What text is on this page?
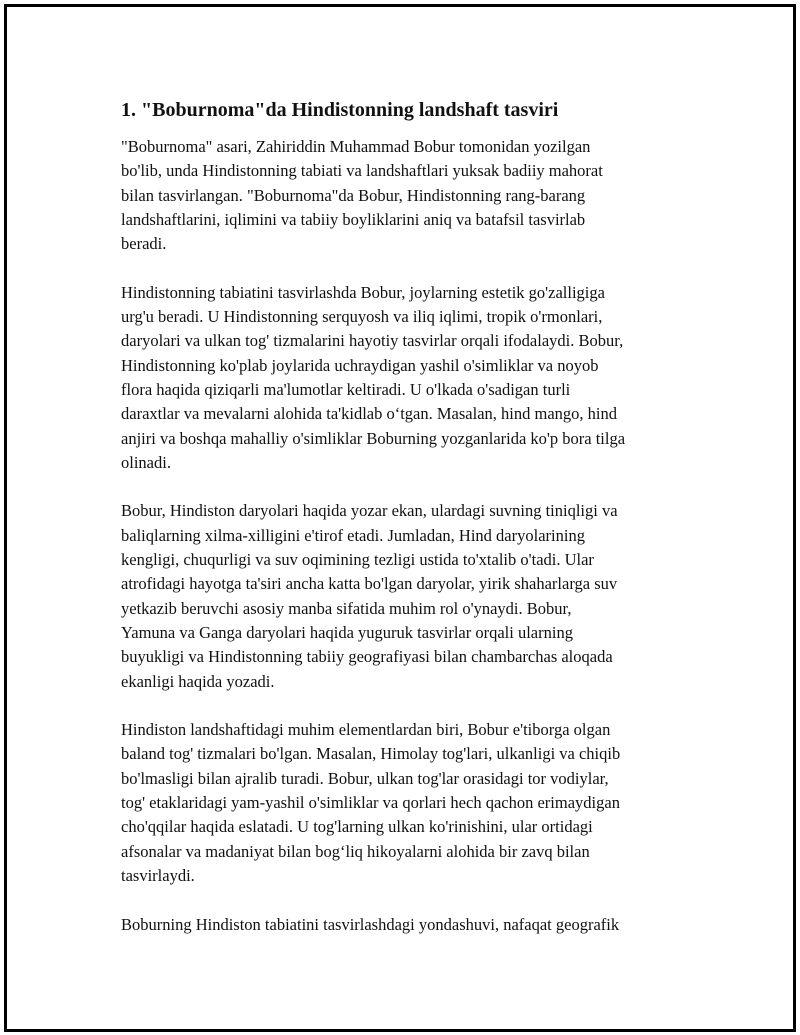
1. "Boburnoma"da Hindistonning landshaft tasviri

"Boburnoma" asari, Zahiriddin Muhammad Bobur tomonidan yozilgan
bo'lib, unda Hindistonning tabiati va landshaftlari yuksak badiiy mahorat
bilan tasvirlangan. "Boburnoma"da Bobur, Hindistonning rang-barang
landshaftlarini, iqlimini va tabiiy boyliklarini aniq va batafsil tasvirlab
beradi.

Hindistonning tabiatini tasvirlashda Bobur, joylarning estetik go'zalligiga
urg'u beradi. U Hindistonning serquyosh va iliq iqlimi, tropik o'rmonlari,
daryolari va ulkan tog' tizmalarini hayotiy tasvirlar orqali ifodalaydi. Bobur,
Hindistonning ko'plab joylarida uchraydigan yashil o'simliklar va noyob
flora haqida qiziqarli ma'lumotlar keltiradi. U o'lkada o'sadigan turli
daraxtlar va mevalarni alohida ta'kidlab o‘tgan. Masalan, hind mango, hind
anjiri va boshqa mahalliy o'simliklar Boburning yozganlarida ko'p bora tilga
olinadi.

Bobur, Hindiston daryolari haqida yozar ekan, ulardagi suvning tiniqligi va
baliqlarning xilma-xilligini e'tirof etadi. Jumladan, Hind daryolarining
kengligi, chuqurligi va suv oqimining tezligi ustida to'xtalib o'tadi. Ular
atrofidagi hayotga ta'siri ancha katta bo'lgan daryolar, yirik shaharlarga suv
yetkazib beruvchi asosiy manba sifatida muhim rol o'ynaydi. Bobur,
Yamuna va Ganga daryolari haqida yuguruk tasvirlar orqali ularning
buyukligi va Hindistonning tabiiy geografiyasi bilan chambarchas aloqada
ekanligi haqida yozadi.

Hindiston landshaftidagi muhim elementlardan biri, Bobur e'tiborga olgan
baland tog' tizmalari bo'lgan. Masalan, Himolay tog'lari, ulkanligi va chiqib
bo'lmasligi bilan ajralib turadi. Bobur, ulkan tog'lar orasidagi tor vodiylar,
tog' etaklaridagi yam-yashil o'simliklar va qorlari hech qachon erimaydigan
cho'qqilar haqida eslatadi. U tog'larning ulkan ko'rinishini, ular ortidagi
afsonalar va madaniyat bilan bog‘liq hikoyalarni alohida bir zavq bilan
tasvirlaydi.

Boburning Hindiston tabiatini tasvirlashdagi yondashuvi, nafaqat geografik
